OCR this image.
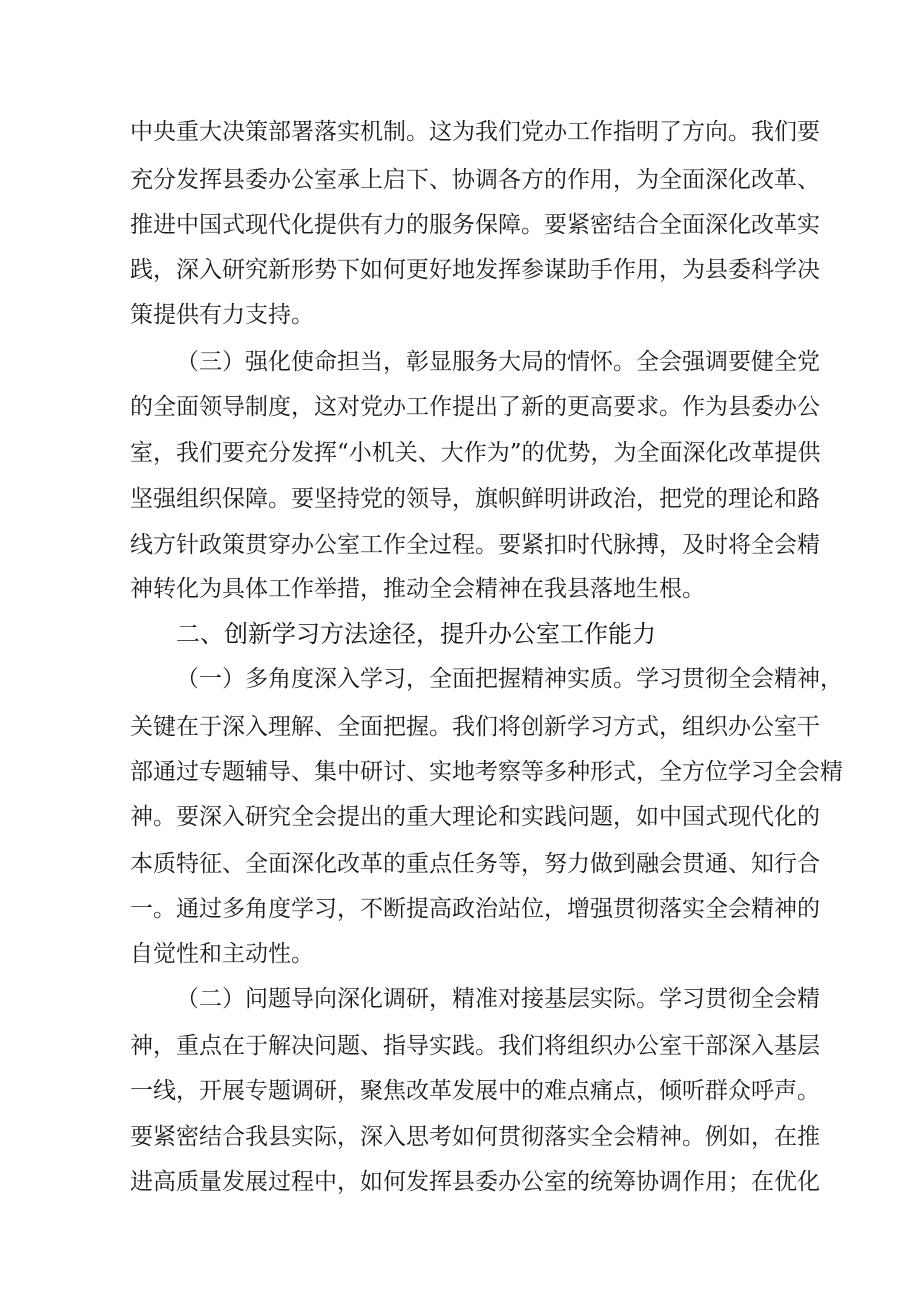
中央重大决策部署落实机制。这为我们党办工作指明了方向。我们要
充分发挥县委办公室承上启下、协调各方的作用，为全面深化改革、
推进中国式现代化提供有力的服务保障。要紧密结合全面深化改革实
践，深入研究新形势下如何更好地发挥参谋助手作用，为县委科学决
策提供有力支持。
（三）强化使命担当，彰显服务大局的情怀。全会强调要健全党
的全面领导制度，这对党办工作提出了新的更高要求。作为县委办公
室，我们要充分发挥“小机关、大作为”的优势，为全面深化改革提供
坚强组织保障。要坚持党的领导，旗帜鲜明讲政治，把党的理论和路
线方针政策贯穿办公室工作全过程。要紧扣时代脉搏，及时将全会精
神转化为具体工作举措，推动全会精神在我县落地生根。
二、创新学习方法途径，提升办公室工作能力
（一）多角度深入学习，全面把握精神实质。学习贯彻全会精神，
关键在于深入理解、全面把握。我们将创新学习方式，组织办公室干
部通过专题辅导、集中研讨、实地考察等多种形式，全方位学习全会精
神。要深入研究全会提出的重大理论和实践问题，如中国式现代化的
本质特征、全面深化改革的重点任务等，努力做到融会贯通、知行合
一。通过多角度学习，不断提高政治站位，增强贯彻落实全会精神的
自觉性和主动性。
（二）问题导向深化调研，精准对接基层实际。学习贯彻全会精
神，重点在于解决问题、指导实践。我们将组织办公室干部深入基层
一线，开展专题调研，聚焦改革发展中的难点痛点，倾听群众呼声。
要紧密结合我县实际，深入思考如何贯彻落实全会精神。例如，在推
进高质量发展过程中，如何发挥县委办公室的统筹协调作用；在优化
